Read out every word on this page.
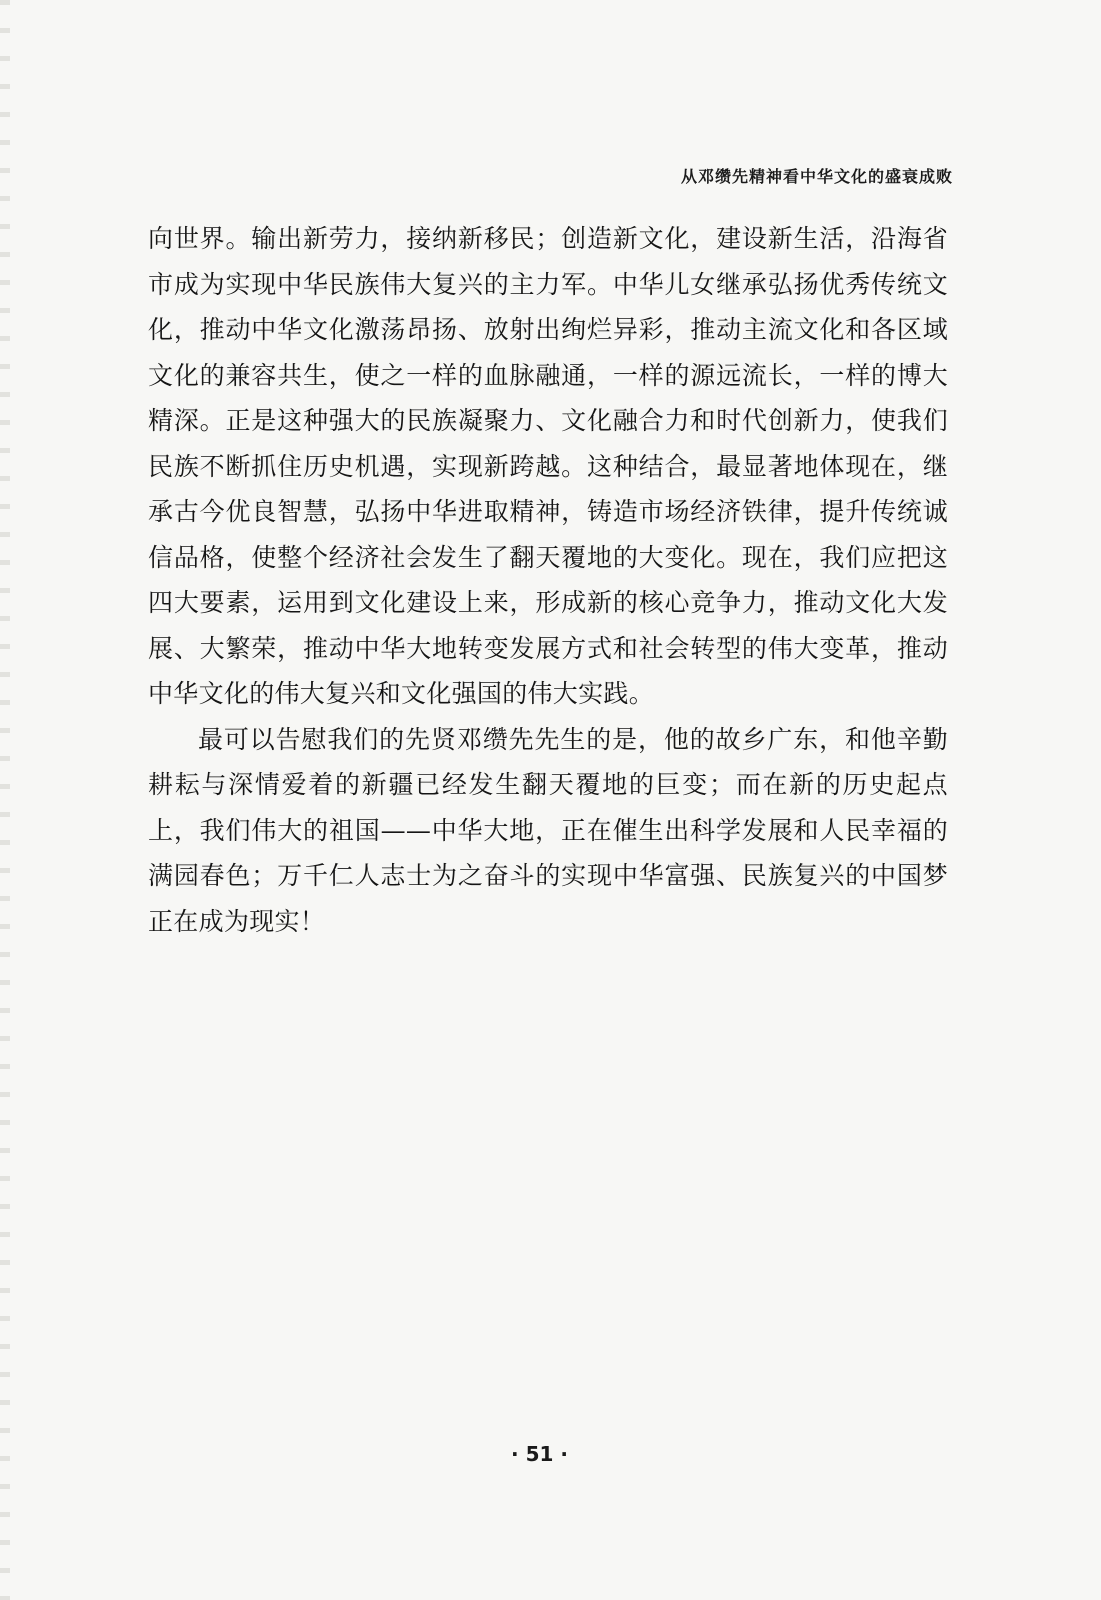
从邓缵先精神看中华文化的盛衰成败

向世界。输出新劳力，接纳新移民；创造新文化，建设新生活，沿海省市成为实现中华民族伟大复兴的主力军。中华儿女继承弘扬优秀传统文化，推动中华文化激荡昂扬、放射出绚烂异彩，推动主流文化和各区域文化的兼容共生，使之一样的血脉融通，一样的源远流长，一样的博大精深。正是这种强大的民族凝聚力、文化融合力和时代创新力，使我们民族不断抓住历史机遇，实现新跨越。这种结合，最显著地体现在，继承古今优良智慧，弘扬中华进取精神，铸造市场经济铁律，提升传统诚信品格，使整个经济社会发生了翻天覆地的大变化。现在，我们应把这四大要素，运用到文化建设上来，形成新的核心竞争力，推动文化大发展、大繁荣，推动中华大地转变发展方式和社会转型的伟大变革，推动中华文化的伟大复兴和文化强国的伟大实践。

最可以告慰我们的先贤邓缵先先生的是，他的故乡广东，和他辛勤耕耘与深情爱着的新疆已经发生翻天覆地的巨变；而在新的历史起点上，我们伟大的祖国——中华大地，正在催生出科学发展和人民幸福的满园春色；万千仁人志士为之奋斗的实现中华富强、民族复兴的中国梦正在成为现实！

· 51 ·
